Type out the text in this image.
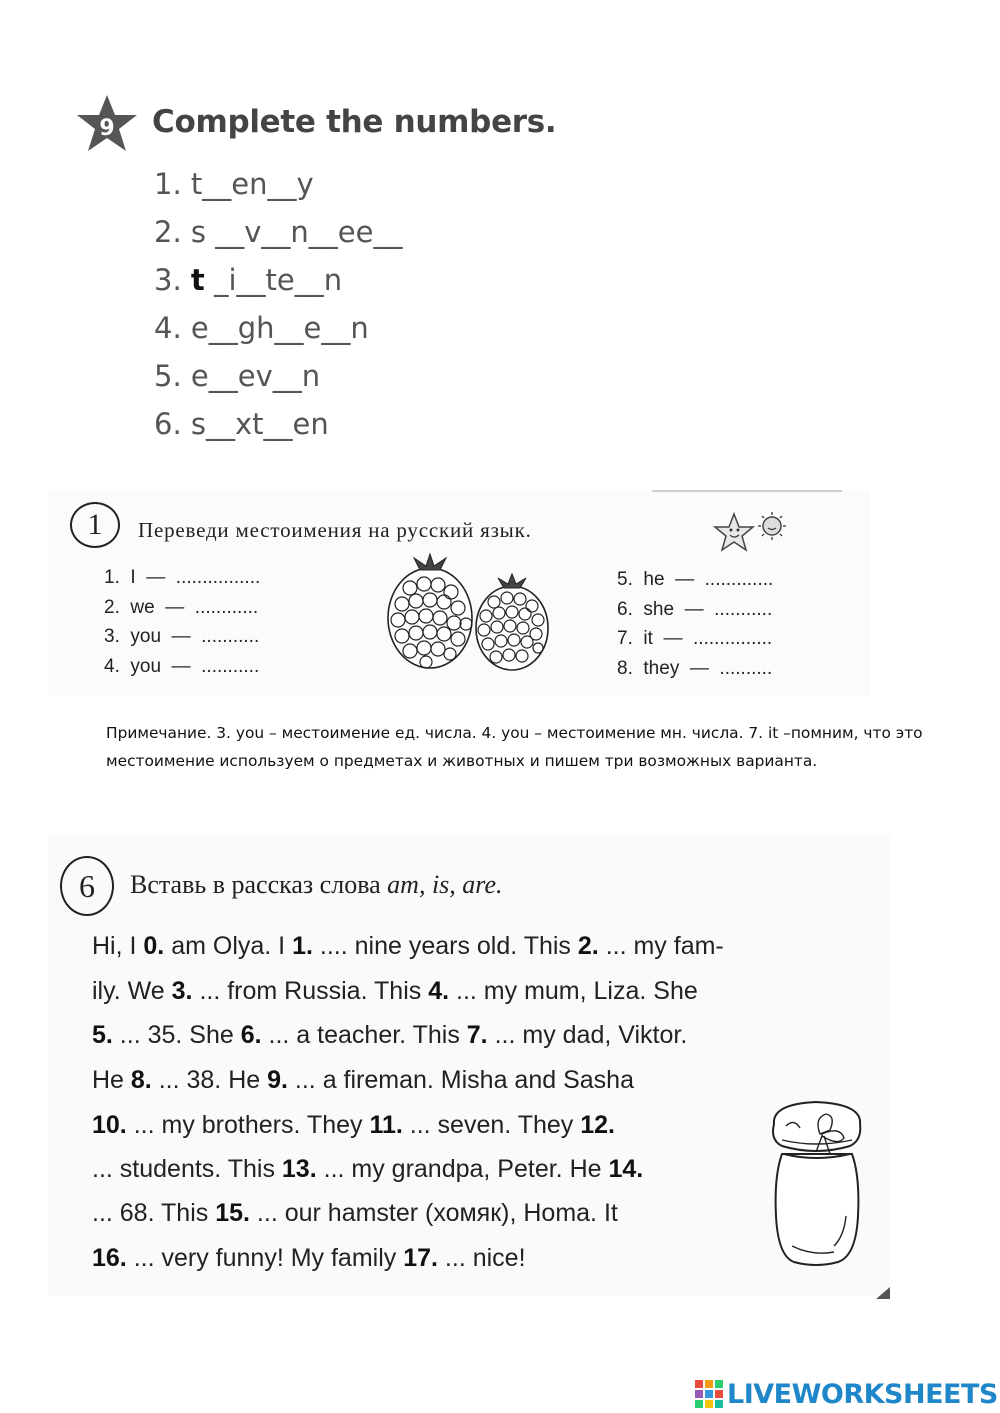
9 Complete the numbers.
1. t__en__y
2. s __v__n__ee__
3. t _i__te__n
4. e__gh__e__n
5. e__ev__n
6. s__xt__en
1	Переведи местоимения на русский язык.
1.  I  —  ................
2.  we  —  ............
3.  you  —  ...........
4.  you  —  ...........
5.  he  —  .............
6.  she  —  ...........
7.  it  —  ...............
8.  they  —  ..........
Примечание. 3. you – местоимение ед. числа. 4. you – местоимение мн. числа. 7. it –помним, что это местоимение используем о предметах и животных и пишем три возможных варианта.
6	Вставь в рассказ слова am, is, are.
Hi, I 0. am Olya. I 1. .... nine years old. This 2. ... my fam-
ily. We 3. ... from Russia. This 4. ... my mum, Liza. She
5. ... 35. She 6. ... a teacher. This 7. ... my dad, Viktor.
He 8. ... 38. He 9. ... a fireman. Misha and Sasha
10. ... my brothers. They 11. ... seven. They 12.
... students. This 13. ... my grandpa, Peter. He 14.
... 68. This 15. ... our hamster (хомяк), Homa. It
16. ... very funny! My family 17. ... nice!
LIVEWORKSHEETS
